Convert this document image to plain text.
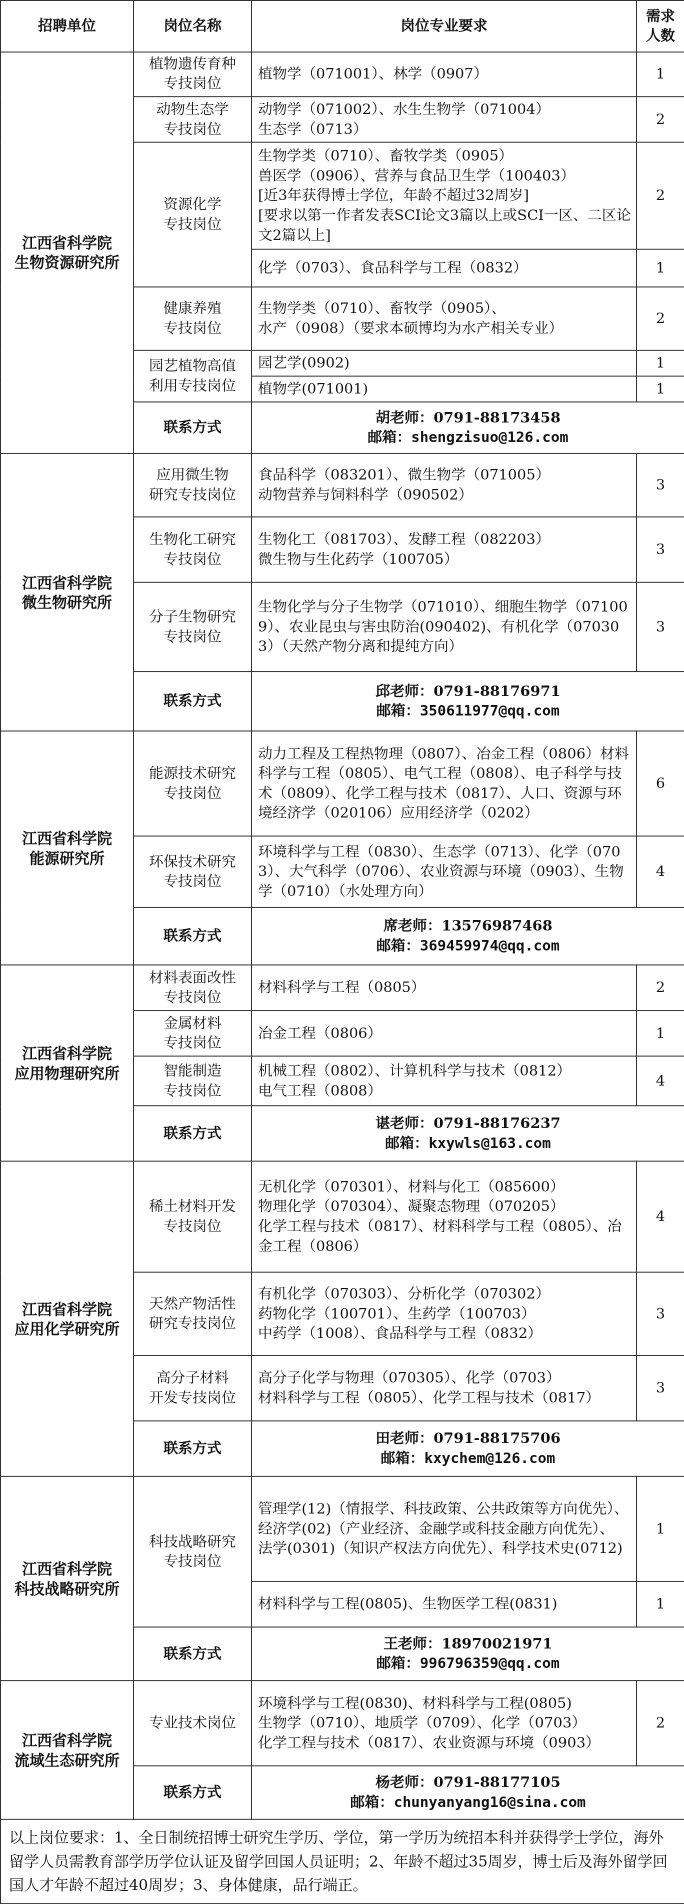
招聘单位	岗位名称	岗位专业要求	需求
人数	

江西省科学院
生物资源研究所	植物遗传育种
专技岗位	植物学（071001）、林学（0907）	1	

	动物生态学
专技岗位	动物学（071002）、水生生物学（071004）
生态学（0713）	2	

	资源化学
专技岗位	生物学类（0710）、畜牧学类（0905）
兽医学（0906）、营养与食品卫生学（100403）
[近3年获得博士学位，年龄不超过32周岁]
[要求以第一作者发表SCI论文3篇以上或SCI一区、二区论文2篇以上]	2	

		化学（0703）、食品科学与工程（0832）	1	

	健康养殖
专技岗位	生物学类（0710）、畜牧学（0905）、
水产（0908）（要求本硕博均为水产相关专业）	2	

	园艺植物高值
利用专技岗位	园艺学(0902)	1	

		植物学(071001)	1	
	联系方式	胡老师：0791-88173458
邮箱：shengzisuo@126.com		

江西省科学院
微生物研究所	应用微生物
研究专技岗位	食品科学（083201）、微生物学（071005）
动物营养与饲料科学（090502）	3	

	生物化工研究
专技岗位	生物化工（081703）、发酵工程（082203）
微生物与生化药学（100705）	3	

	分子生物研究
专技岗位	生物化学与分子生物学（071010）、细胞生物学（071009）、农业昆虫与害虫防治(090402)、有机化学（070303）（天然产物分离和提纯方向）	3	
	联系方式	邱老师：0791-88176971
邮箱：350611977@qq.com		

江西省科学院
能源研究所	能源技术研究
专技岗位	动力工程及工程热物理（0807）、冶金工程（0806）材料科学与工程（0805）、电气工程（0808）、电子科学与技术（0809）、化学工程与技术（0817）、人口、资源与环境经济学（020106）应用经济学（0202）	6	

	环保技术研究
专技岗位	环境科学与工程（0830）、生态学（0713）、化学（0703）、大气科学（0706）、农业资源与环境（0903）、生物学（0710）（水处理方向）	4	
	联系方式	席老师：13576987468
邮箱：369459974@qq.com		

江西省科学院
应用物理研究所	材料表面改性
专技岗位	材料科学与工程（0805）	2	

	金属材料
专技岗位	冶金工程（0806）	1	

	智能制造
专技岗位	机械工程（0802）、计算机科学与技术（0812）
电气工程（0808）	4	
	联系方式	谌老师：0791-88176237
邮箱：kxywls@163.com		

江西省科学院
应用化学研究所	稀土材料开发
专技岗位	无机化学（070301）、材料与化工（085600）
物理化学（070304）、凝聚态物理（070205）
化学工程与技术（0817）、材料科学与工程（0805）、冶金工程（0806）	4	

	天然产物活性
研究专技岗位	有机化学（070303）、分析化学（070302）
药物化学（100701）、生药学（100703）
中药学（1008）、食品科学与工程（0832）	3	

	高分子材料
开发专技岗位	高分子化学与物理（070305）、化学（0703）
材料科学与工程（0805）、化学工程与技术（0817）	3	
	联系方式	田老师：0791-88175706
邮箱：kxychem@126.com		

江西省科学院
科技战略研究所	科技战略研究
专技岗位	管理学(12)（情报学、科技政策、公共政策等方向优先）、经济学(02)（产业经济、金融学或科技金融方向优先）、 法学(0301)（知识产权法方向优先）、科学技术史(0712)	1	

		材料科学与工程(0805)、生物医学工程(0831)	1	
	联系方式	王老师：18970021971
邮箱：996796359@qq.com		

江西省科学院
流域生态研究所	专业技术岗位	环境科学与工程(0830)、材料科学与工程(0805)
生物学（0710）、地质学（0709）、化学（0703）
化学工程与技术（0817）、农业资源与环境（0903）	2	
	联系方式	杨老师：0791-88177105
邮箱：chunyanyang16@sina.com		

以上岗位要求：1、全日制统招博士研究生学历、学位，第一学历为统招本科并获得学士学位，海外留学人员需教育部学历学位认证及留学回国人员证明；2、年龄不超过35周岁，博士后及海外留学回国人才年龄不超过40周岁；3、身体健康，品行端正。				
